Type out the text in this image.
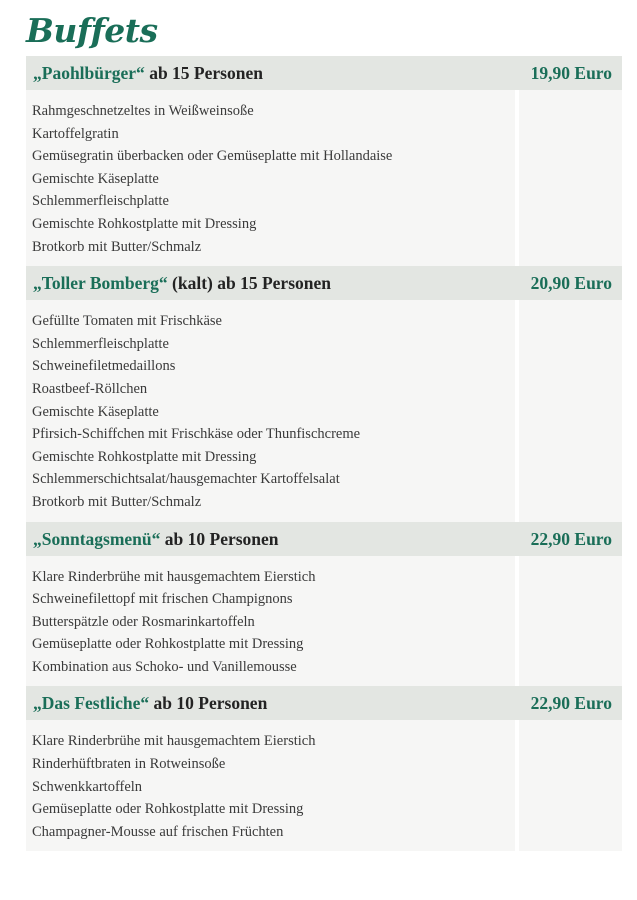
Buffets
„Paohlbürger“ ab 15 Personen	19,90 Euro
Rahmgeschnetzeltes in Weißweinsoße
Kartoffelgratin
Gemüsegratin überbacken oder Gemüseplatte mit Hollandaise
Gemischte Käseplatte
Schlemmerfleischplatte
Gemischte Rohkostplatte mit Dressing
Brotkorb mit Butter/Schmalz
„Toller Bomberg“ (kalt) ab 15 Personen	20,90 Euro
Gefüllte Tomaten mit Frischkäse
Schlemmerfleischplatte
Schweinefiletmedaillons
Roastbeef-Röllchen
Gemischte Käseplatte
Pfirsich-Schiffchen mit Frischkäse oder Thunfischcreme
Gemischte Rohkostplatte mit Dressing
Schlemmerschichtsalat/hausgemachter Kartoffelsalat
Brotkorb mit Butter/Schmalz
„Sonntagsmenü“ ab 10 Personen	22,90 Euro
Klare Rinderbrühe mit hausgemachtem Eierstich
Schweinefilettopf mit frischen Champignons
Butterspätzle oder Rosmarinkartoffeln
Gemüseplatte oder Rohkostplatte mit Dressing
Kombination aus Schoko- und Vanillemousse
„Das Festliche“ ab 10 Personen	22,90 Euro
Klare Rinderbrühe mit hausgemachtem Eierstich
Rinderhüftbraten in Rotweinsoße
Schwenkkartoffeln
Gemüseplatte oder Rohkostplatte mit Dressing
Champagner-Mousse auf frischen Früchten
